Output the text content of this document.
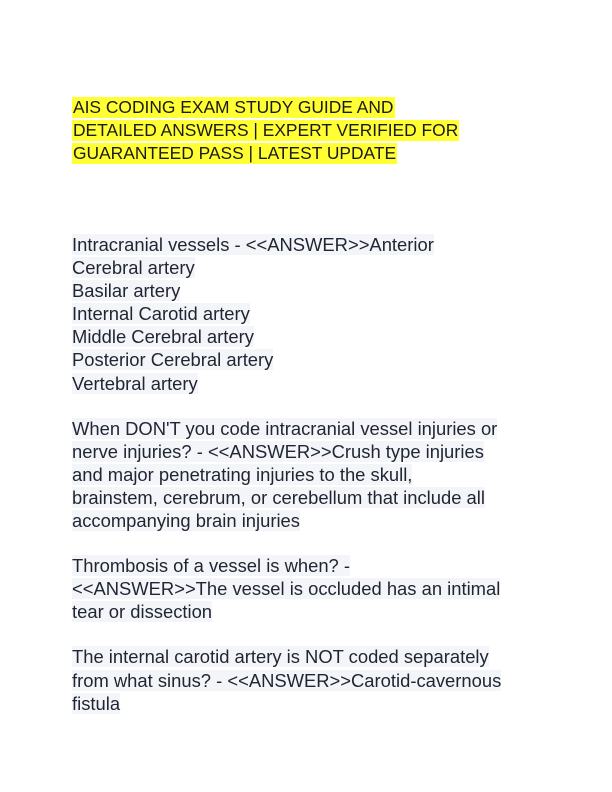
AIS CODING EXAM STUDY GUIDE AND
DETAILED ANSWERS | EXPERT VERIFIED FOR
GUARANTEED PASS | LATEST UPDATE
Intracranial vessels - <<ANSWER>>Anterior
Cerebral artery
Basilar artery
Internal Carotid artery
Middle Cerebral artery
Posterior Cerebral artery
Vertebral artery
When DON'T you code intracranial vessel injuries or
nerve injuries? - <<ANSWER>>Crush type injuries
and major penetrating injuries to the skull,
brainstem, cerebrum, or cerebellum that include all
accompanying brain injuries
Thrombosis of a vessel is when? -
<<ANSWER>>The vessel is occluded has an intimal
tear or dissection
The internal carotid artery is NOT coded separately
from what sinus? - <<ANSWER>>Carotid-cavernous
fistula
